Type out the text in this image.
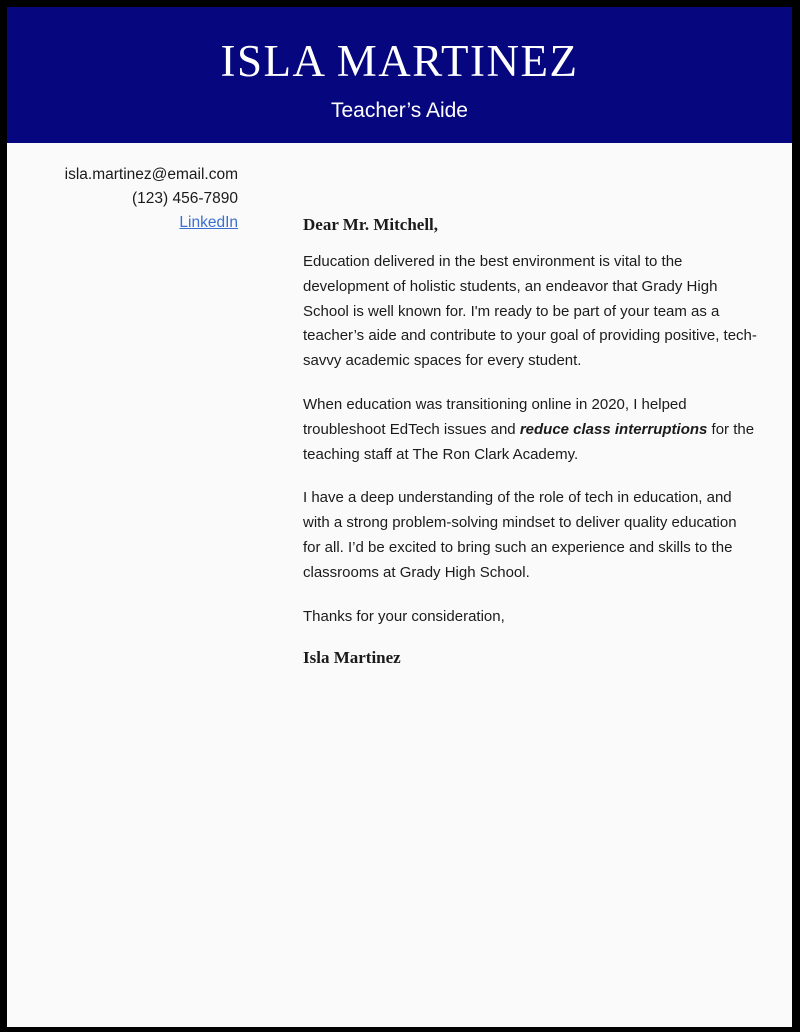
ISLA MARTINEZ
Teacher’s Aide
isla.martinez@email.com
(123) 456-7890
LinkedIn	Dear Mr. Mitchell,

Education delivered in the best environment is vital to the development of holistic students, an endeavor that Grady High School is well known for. I'm ready to be part of your team as a teacher’s aide and contribute to your goal of providing positive, tech-savvy academic spaces for every student.

When education was transitioning online in 2020, I helped troubleshoot EdTech issues and reduce class interruptions for the teaching staff at The Ron Clark Academy.

I have a deep understanding of the role of tech in education, and with a strong problem-solving mindset to deliver quality education for all. I’d be excited to bring such an experience and skills to the classrooms at Grady High School.

Thanks for your consideration,

Isla Martinez
